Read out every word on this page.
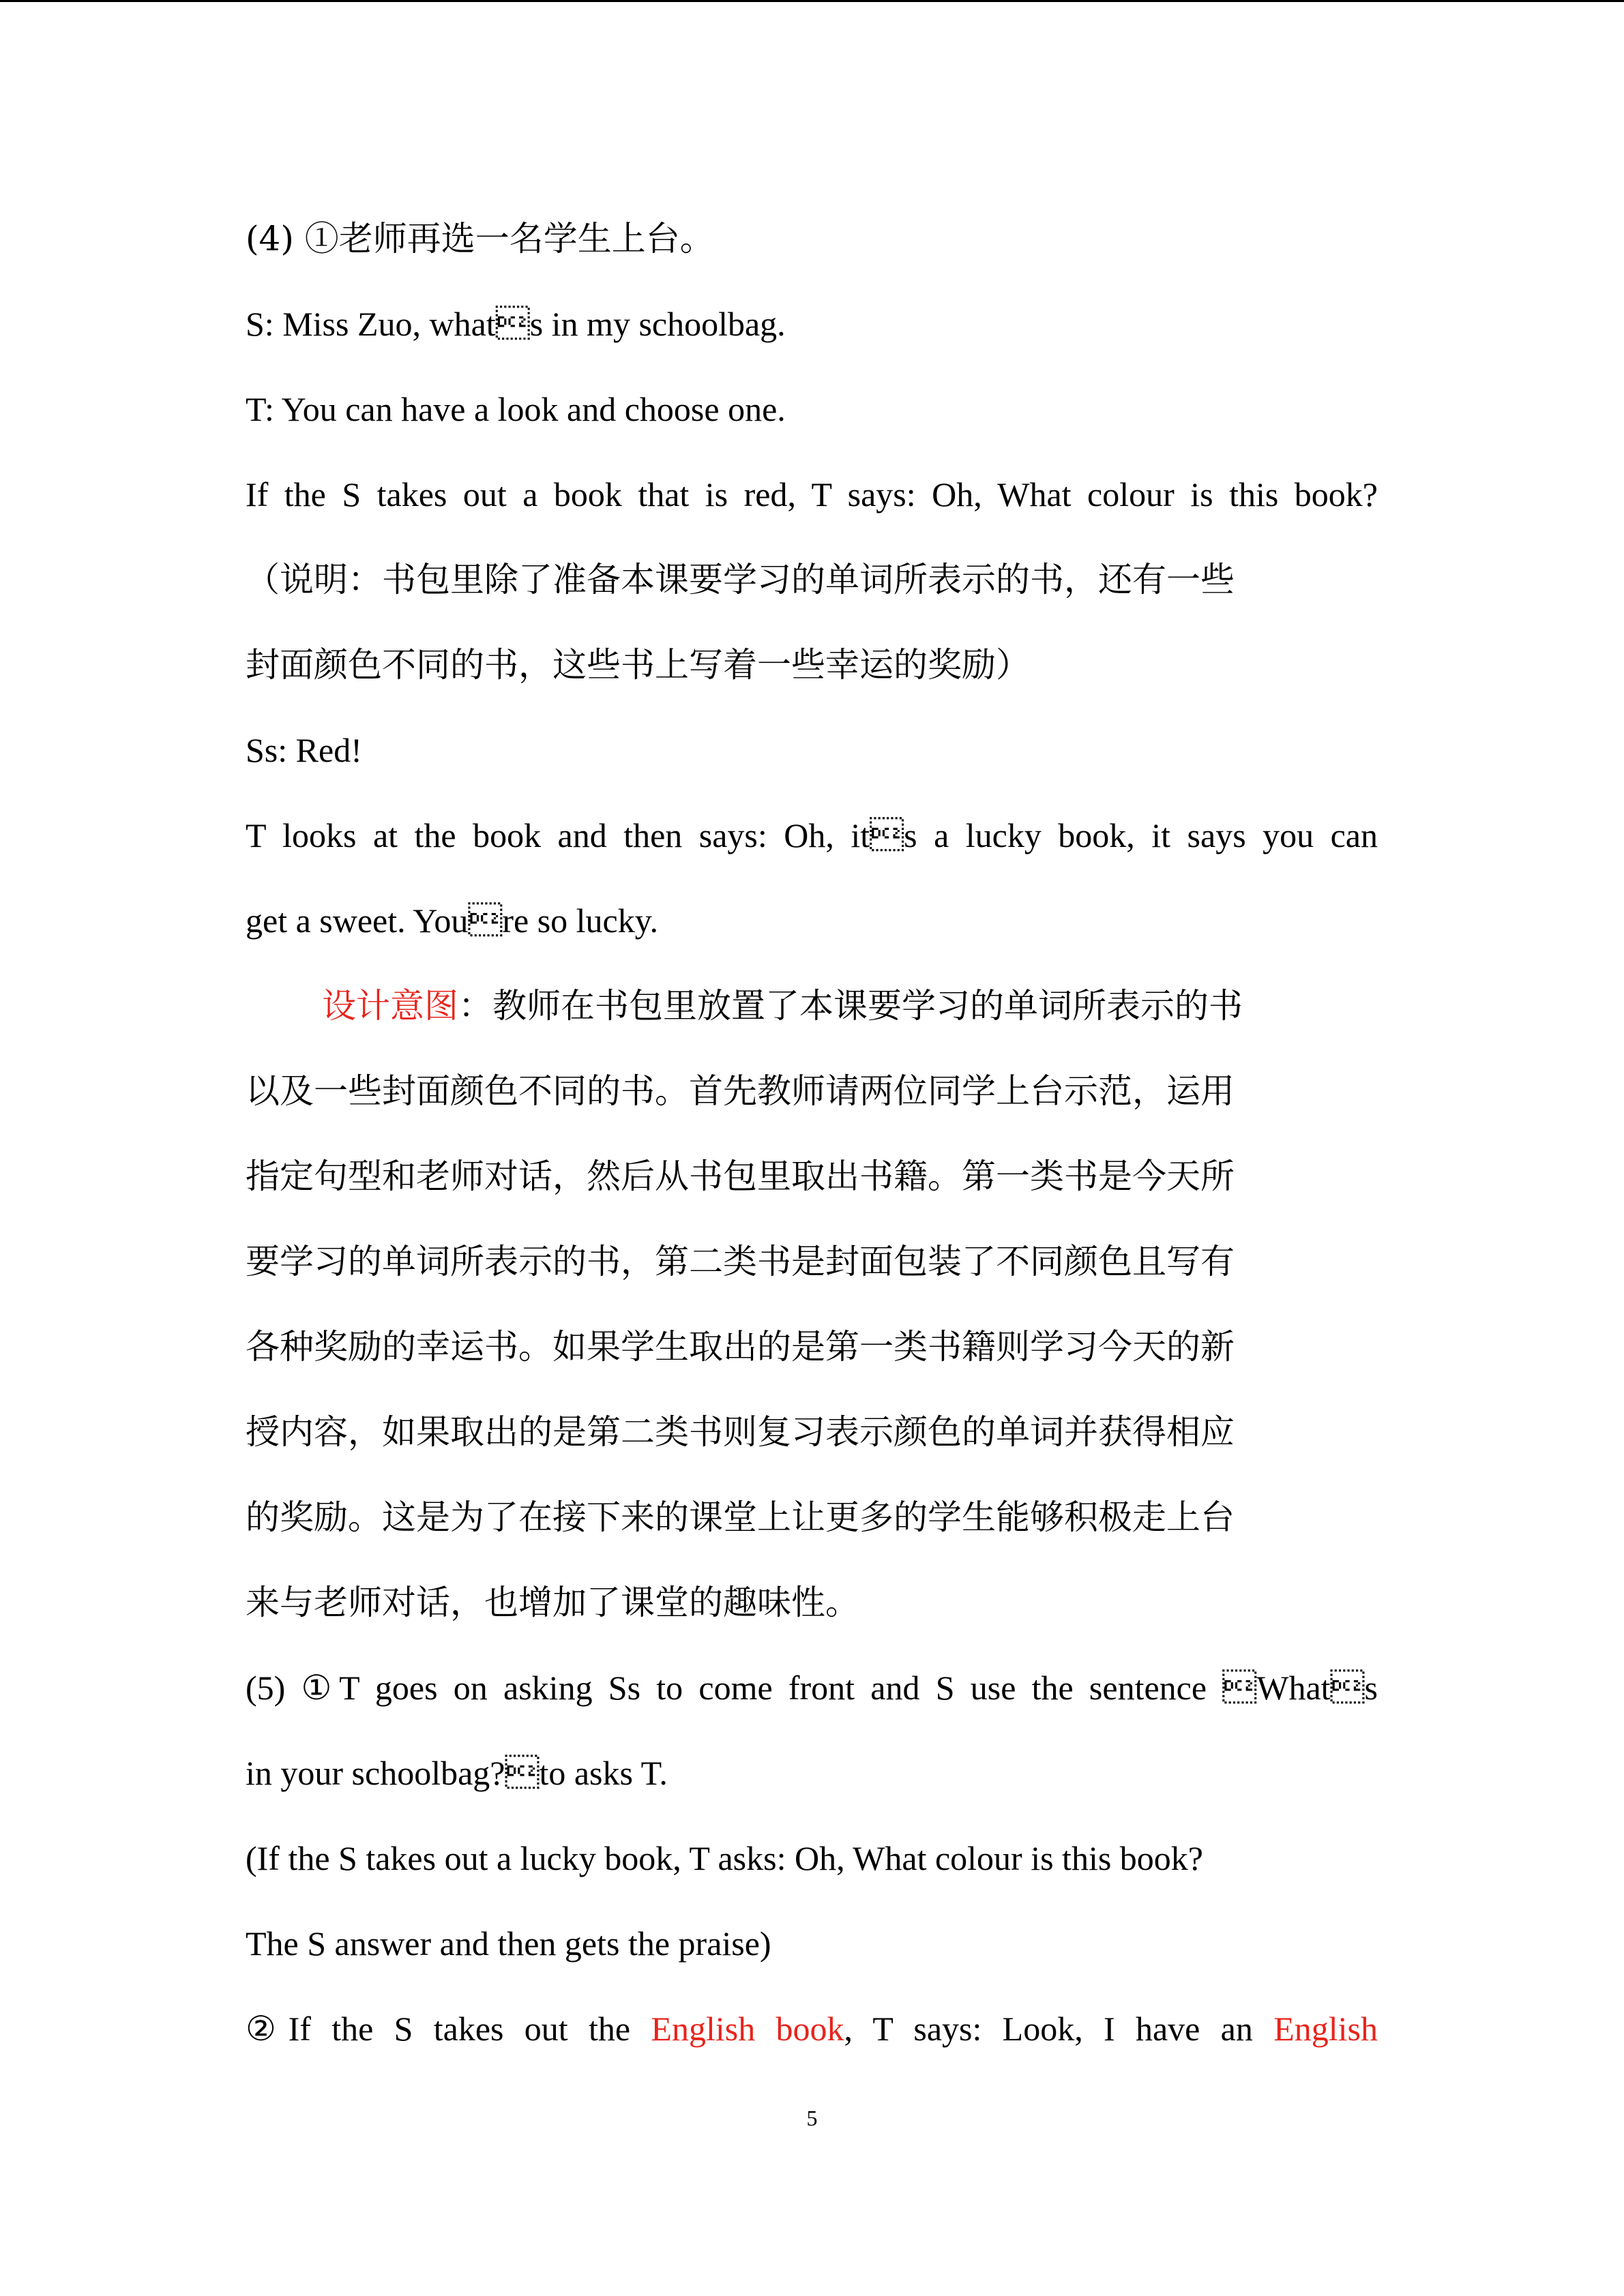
(4) ①老师再选一名学生上台。
S: Miss Zuo, whats in my schoolbag.
T: You can have a look and choose one.
If the S takes out a book that is red, T says: Oh, What colour is this book?
（说明：书包里除了准备本课要学习的单词所表示的书，还有一些
封面颜色不同的书，这些书上写着一些幸运的奖励）
Ss: Red!
T looks at the book and then says: Oh, its a lucky book, it says you can
get a sweet. Youre so lucky.
设计意图：教师在书包里放置了本课要学习的单词所表示的书
以及一些封面颜色不同的书。首先教师请两位同学上台示范，运用
指定句型和老师对话，然后从书包里取出书籍。第一类书是今天所
要学习的单词所表示的书，第二类书是封面包装了不同颜色且写有
各种奖励的幸运书。如果学生取出的是第一类书籍则学习今天的新
授内容，如果取出的是第二类书则复习表示颜色的单词并获得相应
的奖励。这是为了在接下来的课堂上让更多的学生能够积极走上台
来与老师对话，也增加了课堂的趣味性。
(5) ①T goes on asking Ss to come front and S use the sentence Whats
in your schoolbag?to asks T.
(If the S takes out a lucky book, T asks: Oh, What colour is this book?
The S answer and then gets the praise)
②If the S takes out the English book, T says: Look, I have an English
5
